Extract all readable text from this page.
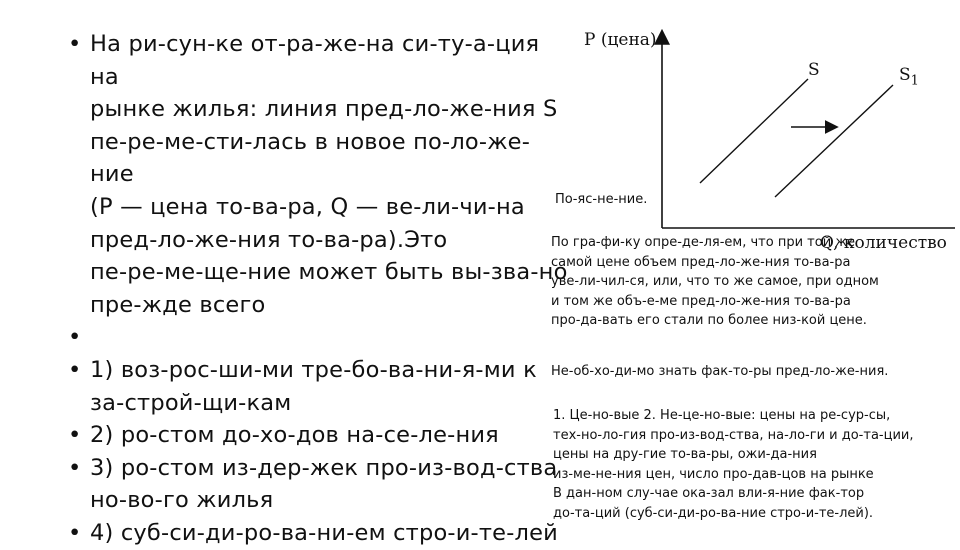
P (цена)
Q, количество
S	$S_1$
• На ри-сун-ке от-ра-же-на си-ту-а-ция на
рынке жилья: линия пред-ло-же-ния S
пе-ре-ме-сти-лась в новое по-ло-же-ние
(P — цена то-ва-ра, Q — ве-ли-чи-на
пред-ло-же-ния то-ва-ра).Это
пе-ре-ме-ще-ние может быть вы-зва-но
пре-жде всего
•
• 1) воз-рос-ши-ми тре-бо-ва-ни-я-ми к
за-строй-щи-кам
• 2) ро-стом до-хо-дов на-се-ле-ния
• 3) ро-стом из-дер-жек про-из-вод-ства
но-во-го жилья
• 4) суб-си-ди-ро-ва-ни-ем стро-и-те-лей
По-яс-не-ние.
По гра-фи-ку опре-де-ля-ем, что при той же
самой цене объем пред-ло-же-ния то-ва-ра
уве-ли-чил-ся, или, что то же самое, при одном
и том же объ-е-ме пред-ло-же-ния то-ва-ра
про-да-вать его стали по более низ-кой цене.
Не-об-хо-ди-мо знать фак-то-ры пред-ло-же-ния.
1. Це-но-вые 2. Не-це-но-вые: цены на ре-сур-сы,
тех-но-ло-гия про-из-вод-ства, на-ло-ги и до-та-ции,
цены на дру-гие то-ва-ры, ожи-да-ния
из-ме-не-ния цен, число про-дав-цов на рынке
В дан-ном слу-чае ока-зал вли-я-ние фак-тор
до-та-ций (суб-си-ди-ро-ва-ние стро-и-те-лей).
